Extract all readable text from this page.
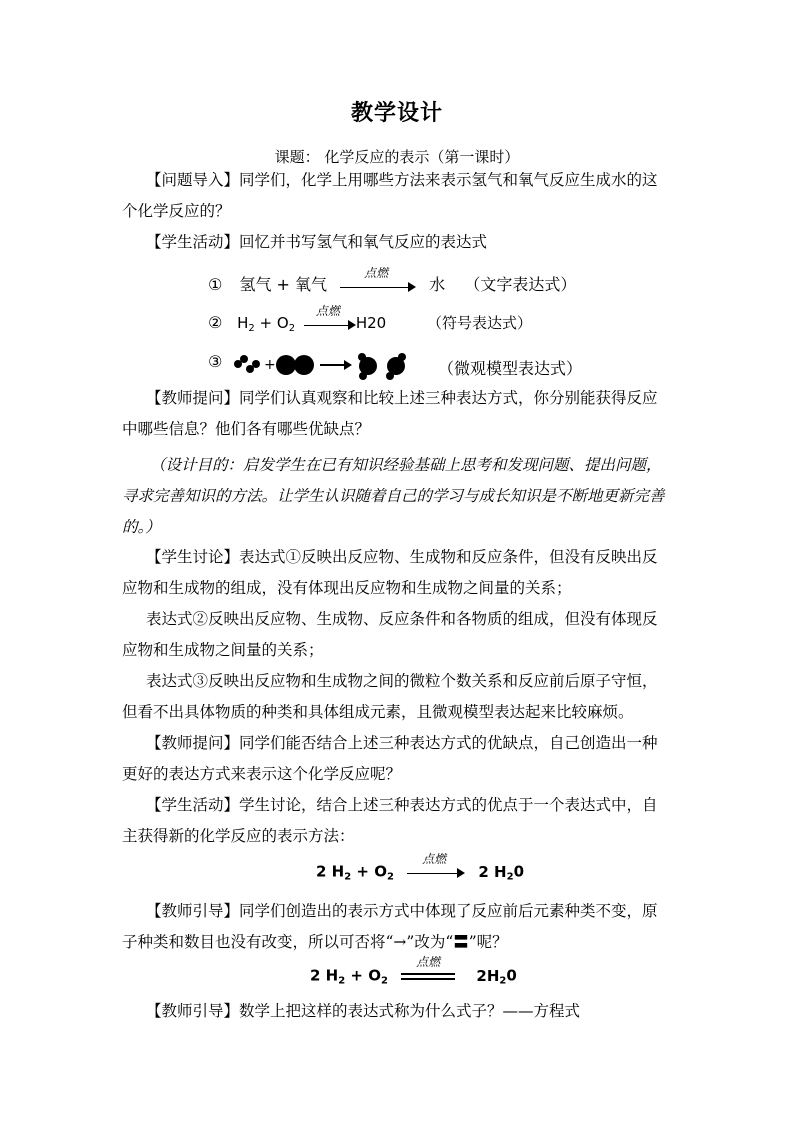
教学设计
课题： 化学反应的表示（第一课时）
【问题导入】同学们，化学上用哪些方法来表示氢气和氧气反应生成水的这
个化学反应的？
【学生活动】回忆并书写氢气和氧气反应的表达式
① 氢气 + 氧气
点燃
水 （文字表达式）
② $H_2 + O_2$
点燃
H20	（符号表达式）
③	+	（微观模型表达式）
【教师提问】同学们认真观察和比较上述三种表达方式，你分别能获得反应
中哪些信息？他们各有哪些优缺点？
（设计目的：启发学生在已有知识经验基础上思考和发现问题、提出问题，
寻求完善知识的方法。让学生认识随着自己的学习与成长知识是不断地更新完善
的。）
【学生讨论】表达式①反映出反应物、生成物和反应条件，但没有反映出反
应物和生成物的组成，没有体现出反应物和生成物之间量的关系；
表达式②反映出反应物、生成物、反应条件和各物质的组成，但没有体现反
应物和生成物之间量的关系；
表达式③反映出反应物和生成物之间的微粒个数关系和反应前后原子守恒，
但看不出具体物质的种类和具体组成元素，且微观模型表达起来比较麻烦。
【教师提问】同学们能否结合上述三种表达方式的优缺点，自己创造出一种
更好的表达方式来表示这个化学反应呢？
【学生活动】学生讨论，结合上述三种表达方式的优点于一个表达式中，自
主获得新的化学反应的表示方法：
2 $H_2 + O_2$
点燃
2 $H_20$
【教师引导】同学们创造出的表示方式中体现了反应前后元素种类不变，原
子种类和数目也没有改变，所以可否将“→”改为“〓”呢？
2 $H_2 + O_2$
点燃
$2H_20$
【教师引导】数学上把这样的表达式称为什么式子？——方程式
